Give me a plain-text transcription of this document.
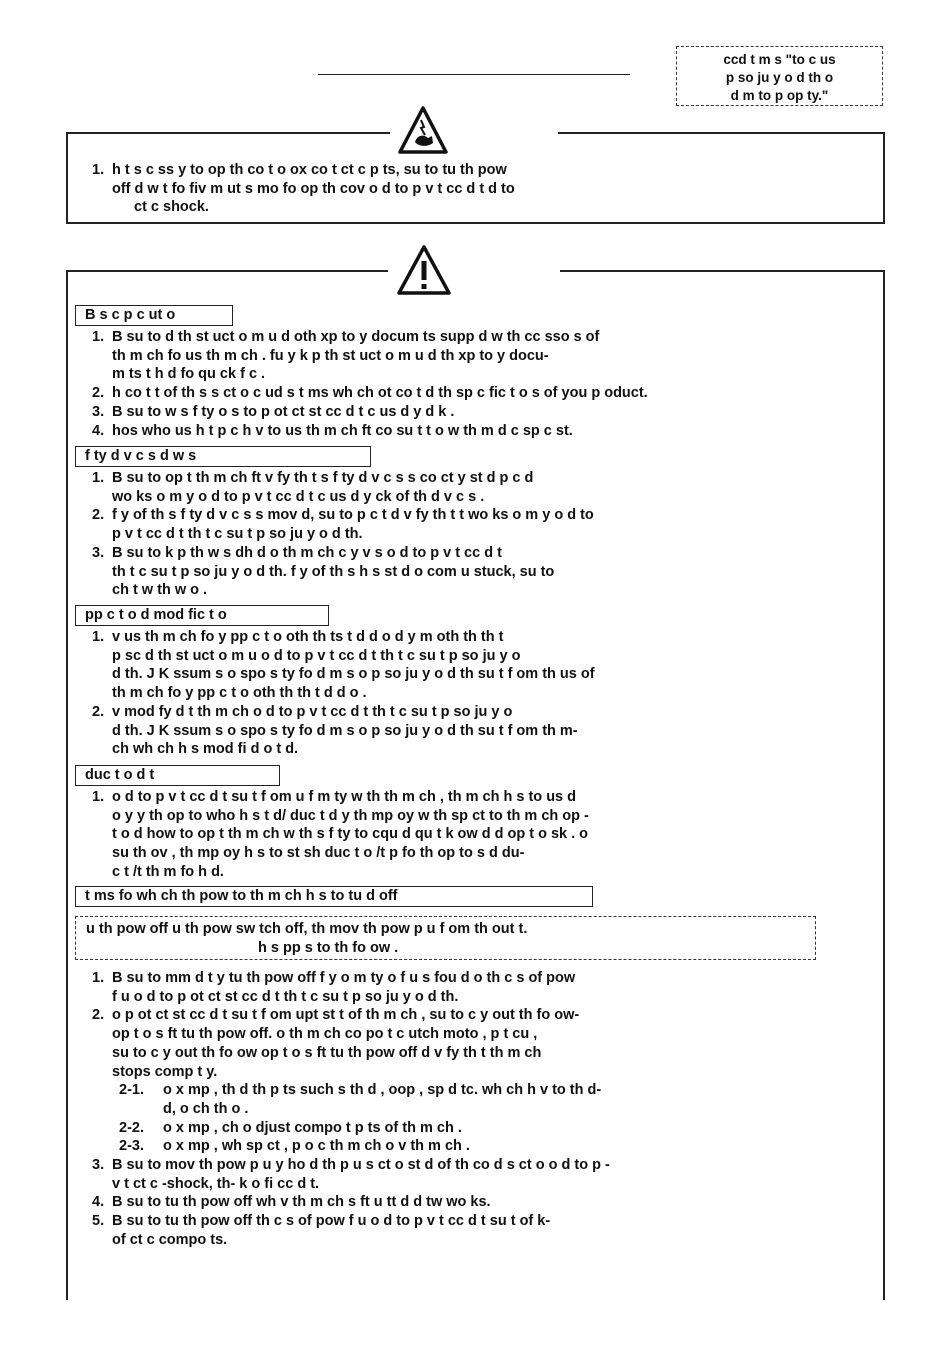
ccd t m s "to c us
p so ju y o d th o
d m to p op ty."
1. h t s c ss y to op th co t o ox co t ct c p ts, su to tu th pow
off d w t fo fiv m ut s mo fo op th cov o d to p v t cc d t d to
ct c shock.
B s c p c ut o
1. B su to d th st uct o m u d oth xp to y docum ts supp d w th cc sso s of
th m ch fo us th m ch . fu y k p th st uct o m u d th xp to y docu-
m ts t h d fo qu ck f c .
2. h co t t of th s s ct o c ud s t ms wh ch ot co t d th sp c fic t o s of you p oduct.
3. B su to w s f ty o s to p ot ct st cc d t c us d y d k .
4. hos who us h t p c h v to us th m ch ft co su t t o w th m d c sp c st.
f ty d v c s d w s
1. B su to op t th m ch ft v fy th t s f ty d v c s s co ct y st d p c d
wo ks o m y o d to p v t cc d t c us d y ck of th d v c s .
2. f y of th s f ty d v c s s mov d, su to p c t d v fy th t t wo ks o m y o d to
p v t cc d t th t c su t p so ju y o d th.
3. B su to k p th w s dh d o th m ch c y v s o d to p v t cc d t
th t c su t p so ju y o d th. f y of th s h s st d o com u stuck, su to
ch t w th w o .
pp c t o d mod fic t o
1. v us th m ch fo y pp c t o oth th ts t d d o d y m oth th th t
p sc d th st uct o m u o d to p v t cc d t th t c su t p so ju y o
d th. J K ssum s o spo s ty fo d m s o p so ju y o d th su t f om th us of
th m ch fo y pp c t o oth th th t d d o .
2. v mod fy d t th m ch o d to p v t cc d t th t c su t p so ju y o
d th. J K ssum s o spo s ty fo d m s o p so ju y o d th su t f om th m-
ch wh ch h s mod fi d o t d.
duc t o d t
1. o d to p v t cc d t su t f om u f m ty w th th m ch , th m ch h s to us d
o y y th op to who h s t d/ duc t d y th mp oy w th sp ct to th m ch op -
t o d how to op t th m ch w th s f ty to cqu d qu t k ow d d op t o sk . o
su th ov , th mp oy h s to st sh duc t o /t p fo th op to s d du-
c t /t th m fo h d.
t ms fo wh ch th pow to th m ch h s to tu d off
u th pow off u th pow sw tch off, th mov th pow p u f om th out t.
h s pp s to th fo ow .
1. B su to mm d t y tu th pow off f y o m ty o f u s fou d o th c s of pow
f u o d to p ot ct st cc d t th t c su t p so ju y o d th.
2. o p ot ct st cc d t su t f om upt st t of th m ch , su to c y out th fo ow-
op t o s ft tu th pow off. o th m ch co po t c utch moto , p t cu ,
su to c y out th fo ow op t o s ft tu th pow off d v fy th t th m ch
stops comp t y.
2-1. o x mp , th d th p ts such s th d , oop , sp d tc. wh ch h v to th d-
d, o ch th o .
2-2. o x mp , ch o djust compo t p ts of th m ch .
2-3. o x mp , wh sp ct , p o c th m ch o v th m ch .
3. B su to mov th pow p u y ho d th p u s ct o st d of th co d s ct o o d to p -
v t ct c -shock, th- k o fi cc d t.
4. B su to tu th pow off wh v th m ch s ft u tt d d tw wo ks.
5. B su to tu th pow off th c s of pow f u o d to p v t cc d t su t of k-
of ct c compo ts.
